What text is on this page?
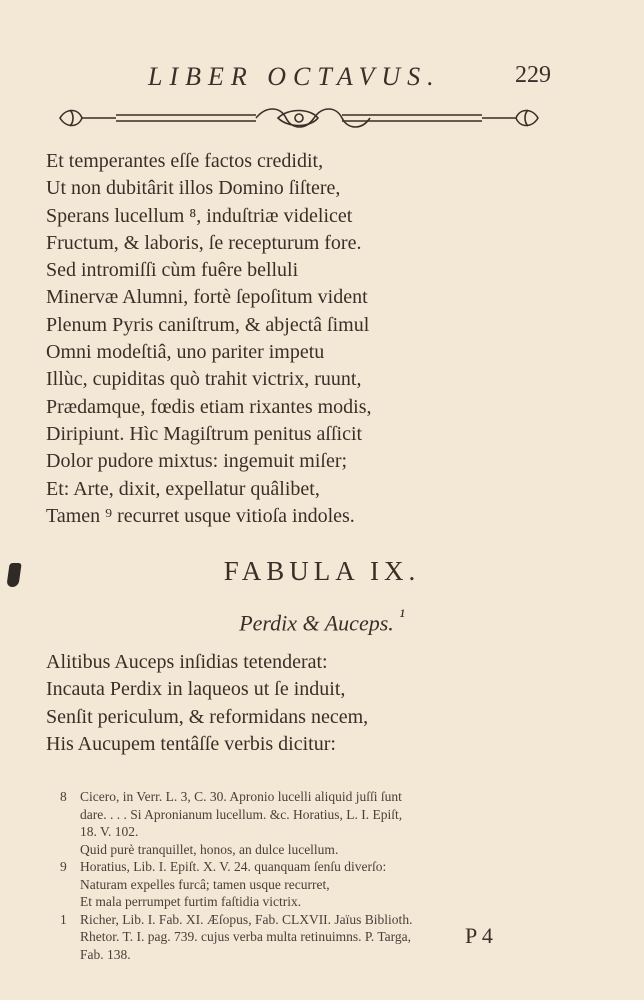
LIBER OCTAVUS.	229
Et temperantes eſſe factos credidit,
Ut non dubitârit illos Domino ſiſtere,
Sperans lucellum ⁸, induſtriæ videlicet
Fructum, & laboris, ſe recepturum fore.
Sed intromiſſi cùm fuêre belluli
Minervæ Alumni, fortè ſepoſitum vident
Plenum Pyris caniſtrum, & abjectâ ſimul
Omni modeſtiâ, uno pariter impetu
Illùc, cupiditas quò trahit victrix, ruunt,
Prædamque, fœdis etiam rixantes modis,
Diripiunt. Hìc Magiſtrum penitus aſſicit
Dolor pudore mixtus: ingemuit miſer;
Et: Arte, dixit, expellatur quâlibet,
Tamen ⁹ recurret usque vitioſa indoles.
FABULA IX.
Perdix & Auceps. $^{^1}$
Alitibus Auceps inſidias tetenderat:
Incauta Perdix in laqueos ut ſe induit,
Senſit periculum, & reformidans necem,
His Aucupem tentâſſe verbis dicitur:
8 Cicero, in Verr. L. 3, C. 30. Apronio lucelli aliquid juſſi ſunt
dare. . . . Si Apronianum lucellum. &c. Horatius, L. I. Epiſt,
18. V. 102.
Quid purè tranquillet, honos, an dulce lucellum.
9 Horatius, Lib. I. Epiſt. X. V. 24. quanquam ſenſu diverſo:
Naturam expelles furcâ; tamen usque recurret,
Et mala perrumpet furtim faſtidia victrix.
1 Richer, Lib. I. Fab. XI. Æſopus, Fab. CLXVII. Jaïus Biblioth.
Rhetor. T. I. pag. 739. cujus verba multa retinuimns. P. Targa,
Fab. 138.
P 4
